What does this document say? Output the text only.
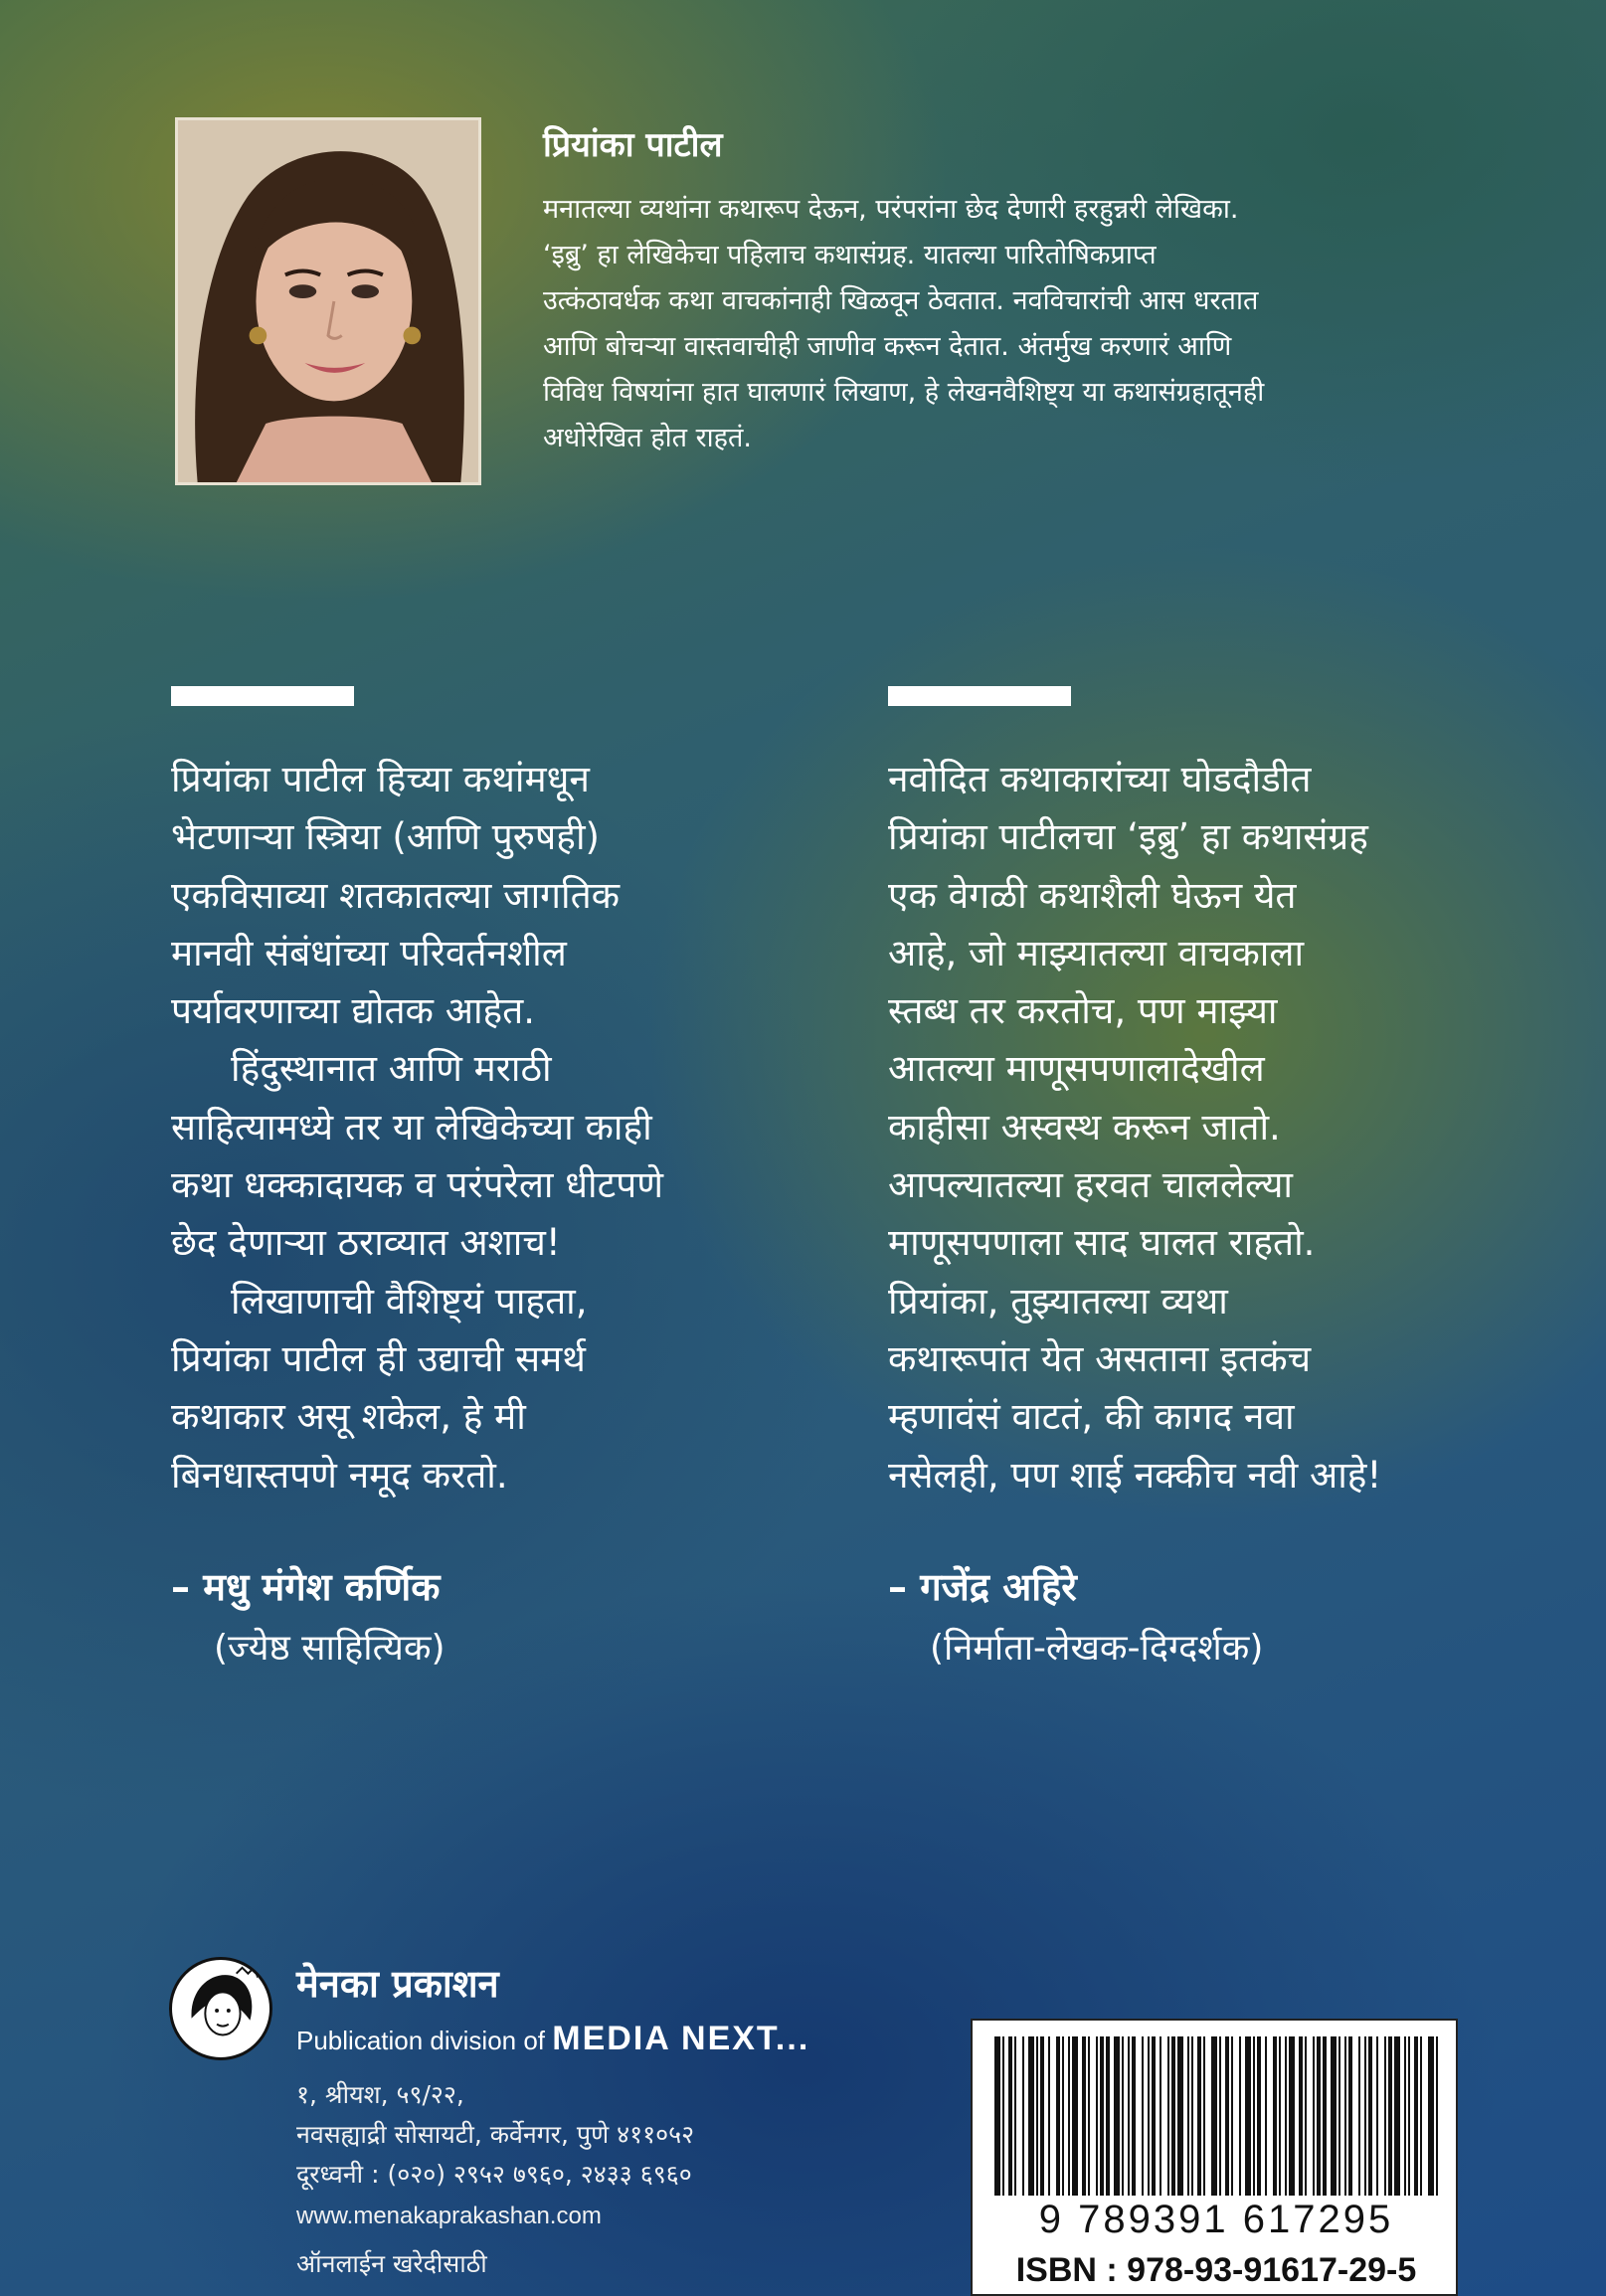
प्रियांका पाटील
मनातल्या व्यथांना कथारूप देऊन, परंपरांना छेद देणारी हरहुन्नरी लेखिका.
‘इब्रु’ हा लेखिकेचा पहिलाच कथासंग्रह. यातल्या पारितोषिकप्राप्त
उत्कंठावर्धक कथा वाचकांनाही खिळवून ठेवतात. नवविचारांची आस धरतात
आणि बोचऱ्या वास्तवाचीही जाणीव करून देतात. अंतर्मुख करणारं आणि
विविध विषयांना हात घालणारं लिखाण, हे लेखनवैशिष्ट्य या कथासंग्रहातूनही
अधोरेखित होत राहतं.
प्रियांका पाटील हिच्या कथांमधून
भेटणाऱ्या स्त्रिया (आणि पुरुषही)
एकविसाव्या शतकातल्या जागतिक
मानवी संबंधांच्या परिवर्तनशील
पर्यावरणाच्या द्योतक आहेत.
हिंदुस्थानात आणि मराठी
साहित्यामध्ये तर या लेखिकेच्या काही
कथा धक्कादायक व परंपरेला धीटपणे
छेद देणाऱ्या ठराव्यात अशाच!
लिखाणाची वैशिष्ट्यं पाहता,
प्रियांका पाटील ही उद्याची समर्थ
कथाकार असू शकेल, हे मी
बिनधास्तपणे नमूद करतो.
– मधु मंगेश कर्णिक
(ज्येष्ठ साहित्यिक)
नवोदित कथाकारांच्या घोडदौडीत
प्रियांका पाटीलचा ‘इब्रु’ हा कथासंग्रह
एक वेगळी कथाशैली घेऊन येत
आहे, जो माझ्यातल्या वाचकाला
स्तब्ध तर करतोच, पण माझ्या
आतल्या माणूसपणालादेखील
काहीसा अस्वस्थ करून जातो.
आपल्यातल्या हरवत चाललेल्या
माणूसपणाला साद घालत राहतो.
प्रियांका, तुझ्यातल्या व्यथा
कथारूपांत येत असताना इतकंच
म्हणावंसं वाटतं, की कागद नवा
नसेलही, पण शाई नक्कीच नवी आहे!
– गजेंद्र अहिरे
(निर्माता-लेखक-दिग्दर्शक)
मेनका प्रकाशन
Publication division of MEDIA NEXT...
१, श्रीयश, ५९/२२,
नवसह्याद्री सोसायटी, कर्वेनगर, पुणे ४११०५२
दूरध्वनी : (०२०) २९५२ ७९६०, २४३३ ६९६०
www.menakaprakashan.com
ऑनलाईन खरेदीसाठी
9 789391 617295
ISBN : 978-93-91617-29-5
